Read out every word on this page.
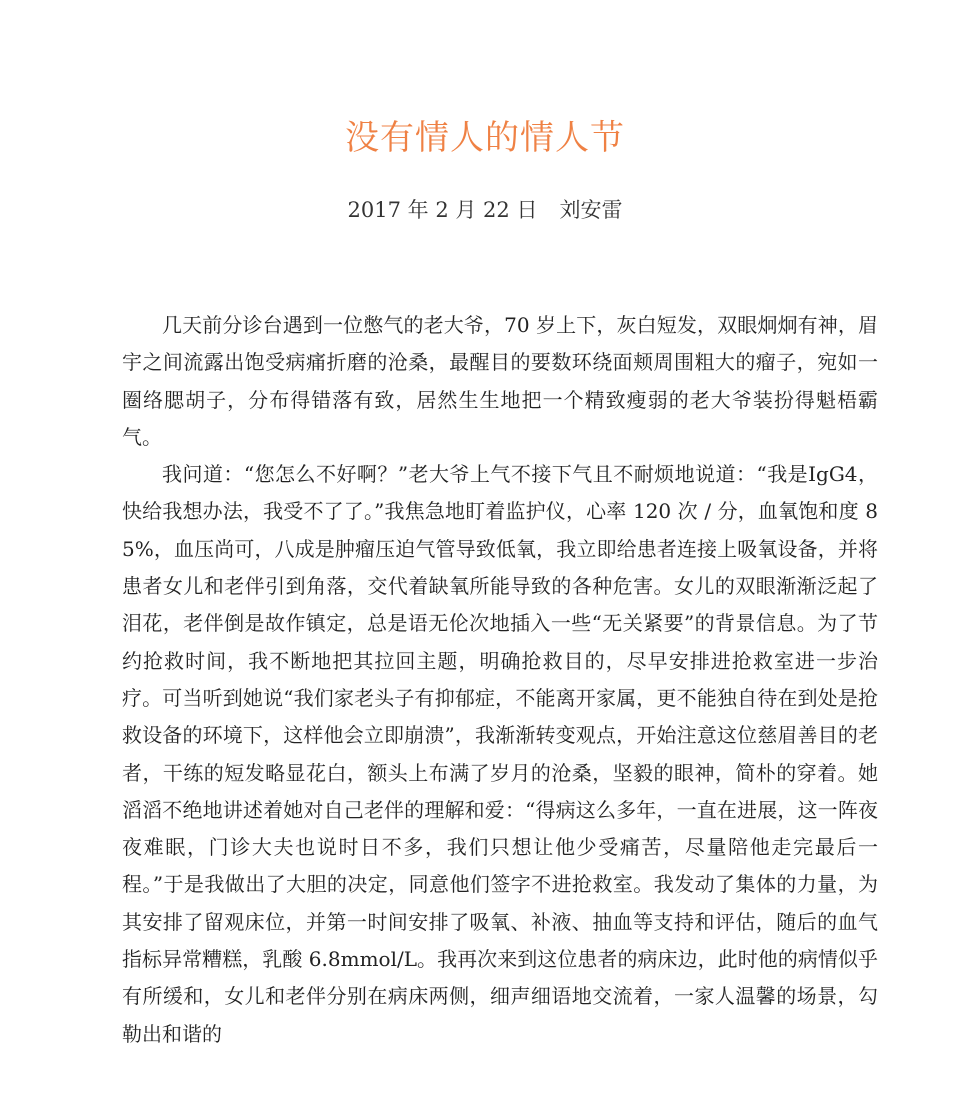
没有情人的情人节
2017 年 2 月 22 日 刘安雷

几天前分诊台遇到一位憋气的老大爷，70 岁上下，灰白短发，双眼炯炯有神，眉宇之间流露出饱受病痛折磨的沧桑，最醒目的要数环绕面颊周围粗大的瘤子，宛如一圈络腮胡子，分布得错落有致，居然生生地把一个精致瘦弱的老大爷装扮得魁梧霸气。

我问道：“您怎么不好啊？”老大爷上气不接下气且不耐烦地说道：“我是IgG4，快给我想办法，我受不了了。”我焦急地盯着监护仪，心率 120 次 / 分，血氧饱和度 85%，血压尚可，八成是肿瘤压迫气管导致低氧，我立即给患者连接上吸氧设备，并将患者女儿和老伴引到角落，交代着缺氧所能导致的各种危害。女儿的双眼渐渐泛起了泪花，老伴倒是故作镇定，总是语无伦次地插入一些“无关紧要”的背景信息。为了节约抢救时间，我不断地把其拉回主题，明确抢救目的，尽早安排进抢救室进一步治疗。可当听到她说“我们家老头子有抑郁症，不能离开家属，更不能独自待在到处是抢救设备的环境下，这样他会立即崩溃”，我渐渐转变观点，开始注意这位慈眉善目的老者，干练的短发略显花白，额头上布满了岁月的沧桑，坚毅的眼神，简朴的穿着。她滔滔不绝地讲述着她对自己老伴的理解和爱：“得病这么多年，一直在进展，这一阵夜夜难眠，门诊大夫也说时日不多，我们只想让他少受痛苦，尽量陪他走完最后一程。”于是我做出了大胆的决定，同意他们签字不进抢救室。我发动了集体的力量，为其安排了留观床位，并第一时间安排了吸氧、补液、抽血等支持和评估，随后的血气指标异常糟糕，乳酸 6.8mmol/L。我再次来到这位患者的病床边，此时他的病情似乎有所缓和，女儿和老伴分别在病床两侧，细声细语地交流着，一家人温馨的场景，勾勒出和谐的
